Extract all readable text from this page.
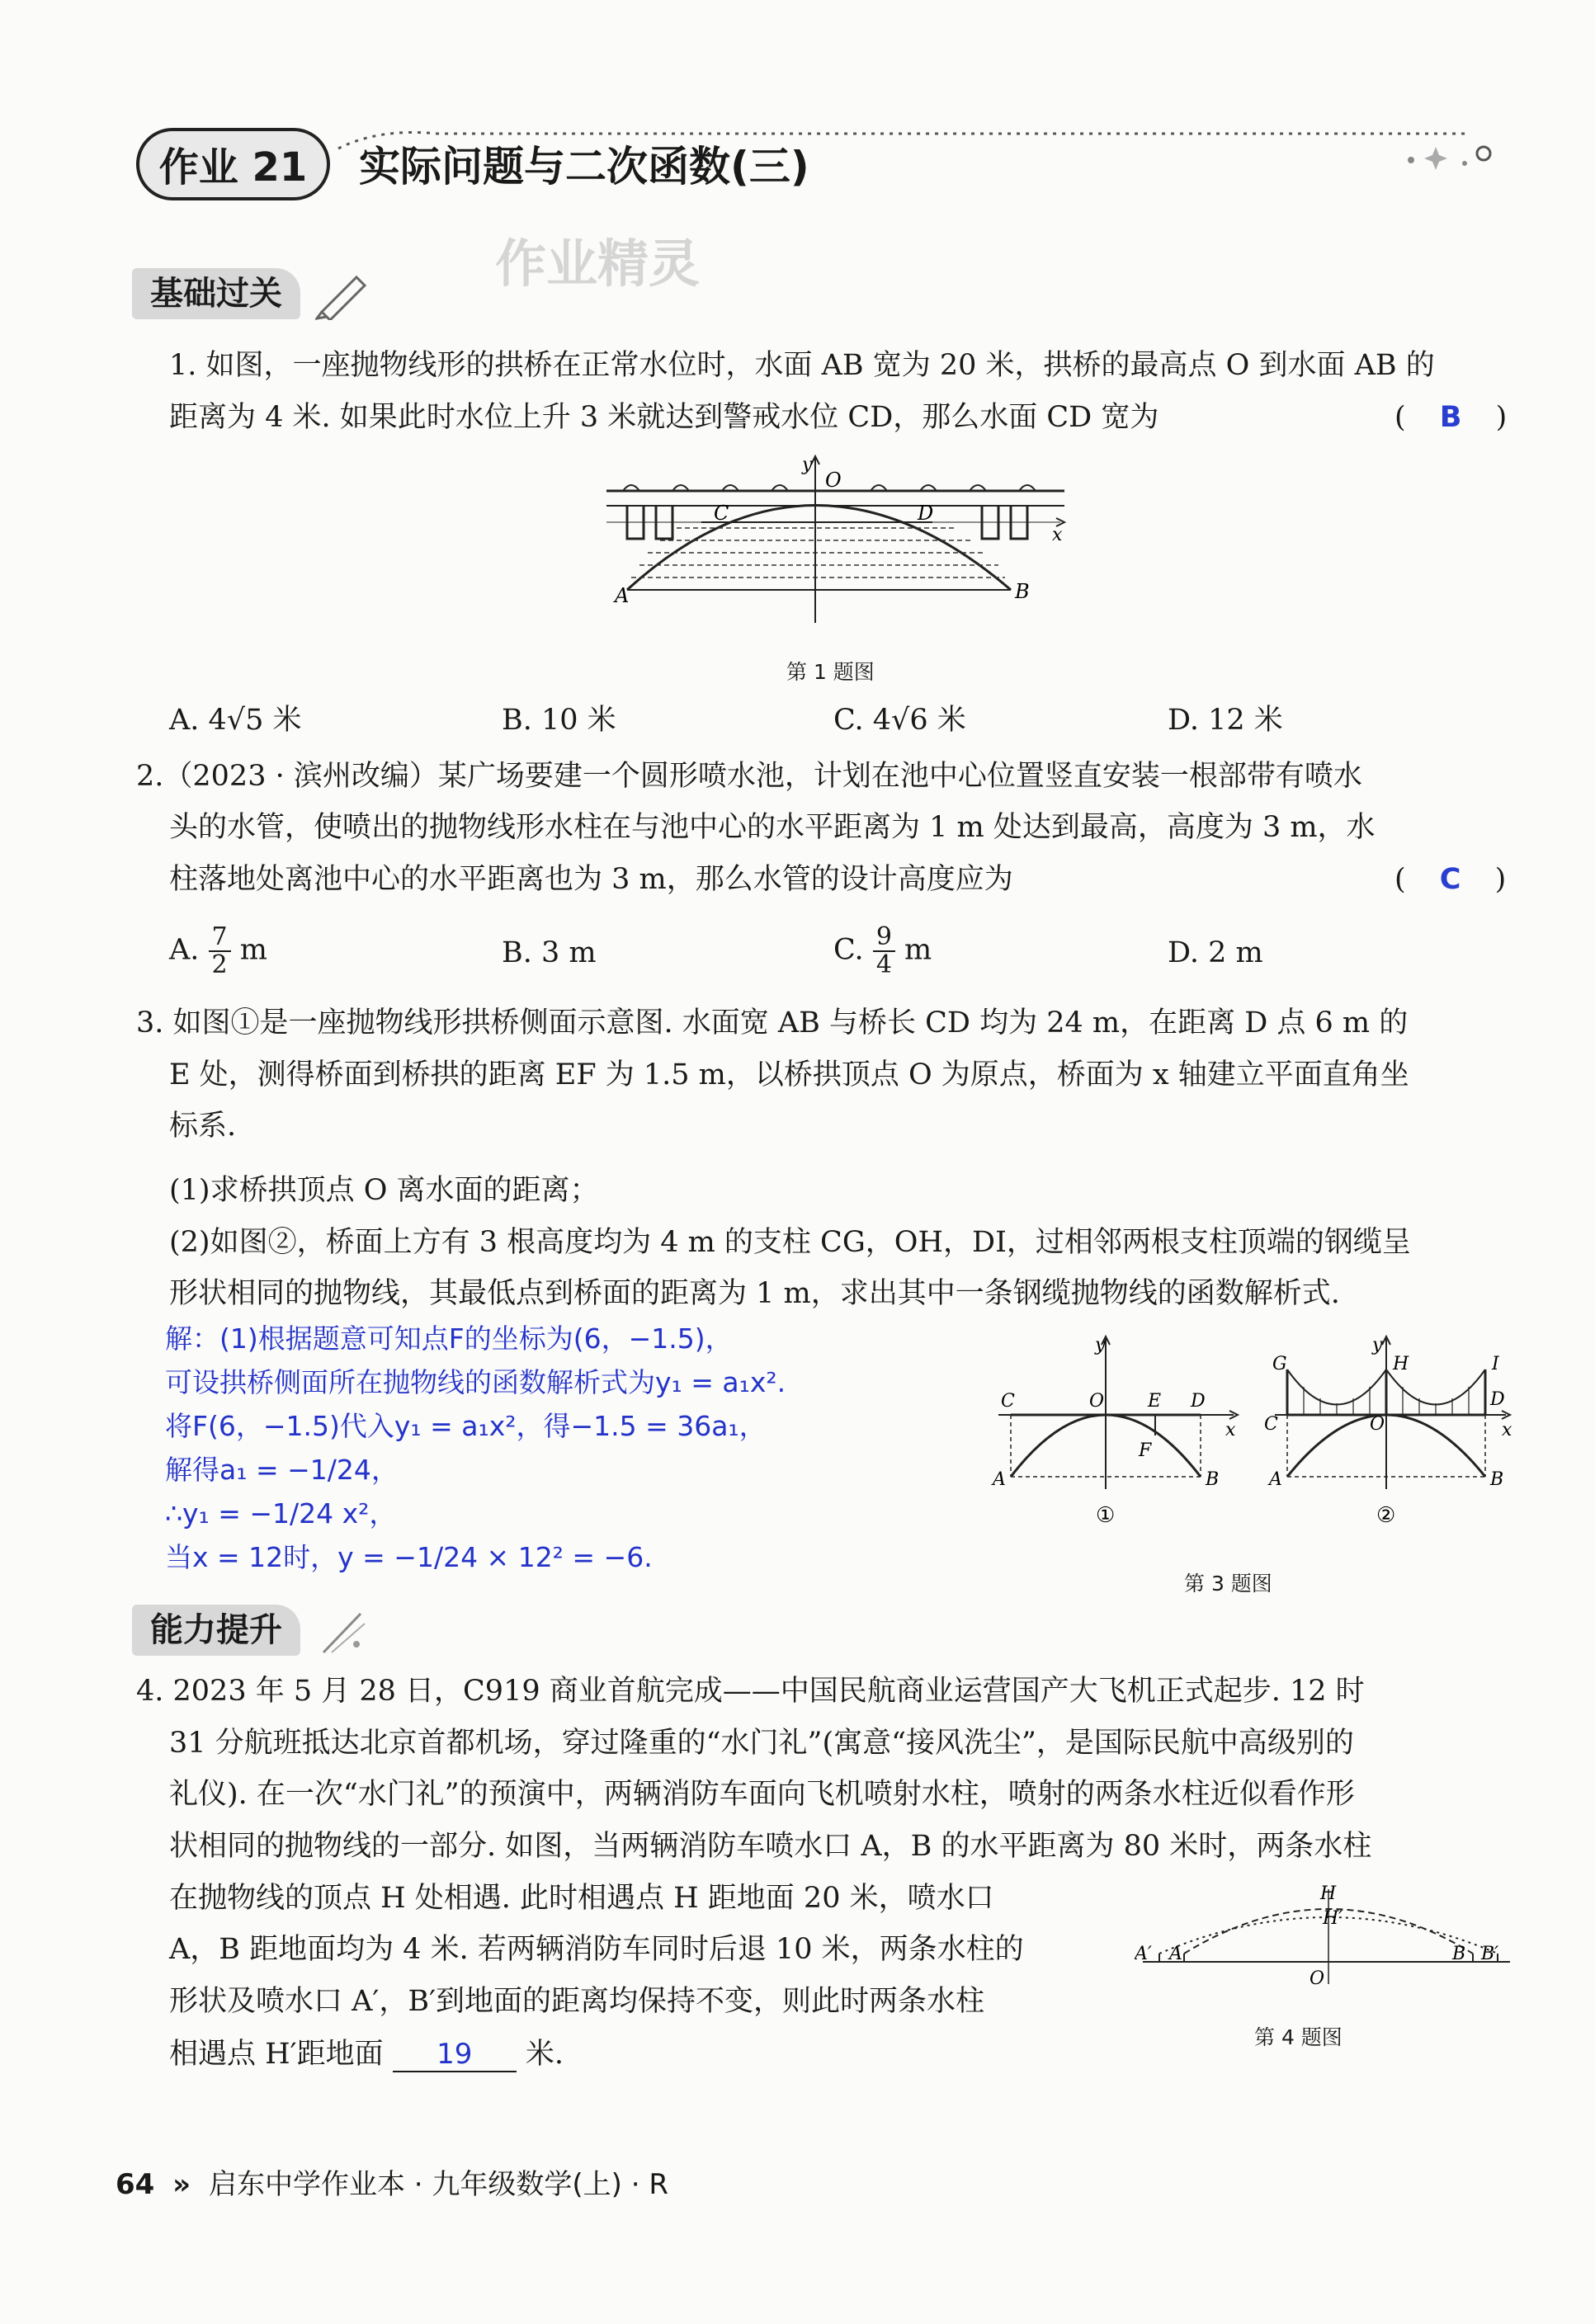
作业 21	实际问题与二次函数(三)
作业精灵
基础过关
1. 如图，一座抛物线形的拱桥在正常水位时，水面 AB 宽为 20 米，拱桥的最高点 O 到水面 AB 的
距离为 4 米. 如果此时水位上升 3 米就达到警戒水位 CD，那么水面 CD 宽为	( B )
y
O
C	D
x
A	B
第 1 题图
A. 4√5 米	B. 10 米	C. 4√6 米	D. 12 米
2.（2023 · 滨州改编）某广场要建一个圆形喷水池，计划在池中心位置竖直安装一根部带有喷水
头的水管，使喷出的抛物线形水柱在与池中心的水平距离为 1 m 处达到最高，高度为 3 m，水
柱落地处离池中心的水平距离也为 3 m，那么水管的设计高度应为	( C )
A. $\frac{7}{2}$ m	B. 3 m	C. $\frac{9}{4}$ m	D. 2 m
3. 如图①是一座抛物线形拱桥侧面示意图. 水面宽 AB 与桥长 CD 均为 24 m，在距离 D 点 6 m 的
E 处，测得桥面到桥拱的距离 EF 为 1.5 m，以桥拱顶点 O 为原点，桥面为 x 轴建立平面直角坐
标系.
(1)求桥拱顶点 O 离水面的距离；
(2)如图②，桥面上方有 3 根高度均为 4 m 的支柱 CG，OH，DI，过相邻两根支柱顶端的钢缆呈
形状相同的抛物线，其最低点到桥面的距离为 1 m，求出其中一条钢缆抛物线的函数解析式.
解：(1)根据题意可知点F的坐标为(6，−1.5)，
可设拱桥侧面所在抛物线的函数解析式为y₁ = a₁x².
将F(6，−1.5)代入y₁ = a₁x²，得−1.5 = 36a₁，
解得a₁ = −1/24，
∴y₁ = −1/24 x²，
当x = 12时，y = −1/24 × 12² = −6.
y
C	O E D
x
F
A	B
①
G
y
H	I
C	O
D
x
A	B
②
第 3 题图
能力提升
4. 2023 年 5 月 28 日，C919 商业首航完成——中国民航商业运营国产大飞机正式起步. 12 时
31 分航班抵达北京首都机场，穿过隆重的“水门礼”(寓意“接风洗尘”，是国际民航中高级别的
礼仪). 在一次“水门礼”的预演中，两辆消防车面向飞机喷射水柱，喷射的两条水柱近似看作形
状相同的抛物线的一部分. 如图，当两辆消防车喷水口 A，B 的水平距离为 80 米时，两条水柱
在抛物线的顶点 H 处相遇. 此时相遇点 H 距地面 20 米，喷水口
A，B 距地面均为 4 米. 若两辆消防车同时后退 10 米，两条水柱的
形状及喷水口 A′，B′到地面的距离均保持不变，则此时两条水柱
相遇点 H′距地面 19 米.
H
H′
A′ A	B B′
O
第 4 题图
64 » 启东中学作业本 · 九年级数学(上) · R
